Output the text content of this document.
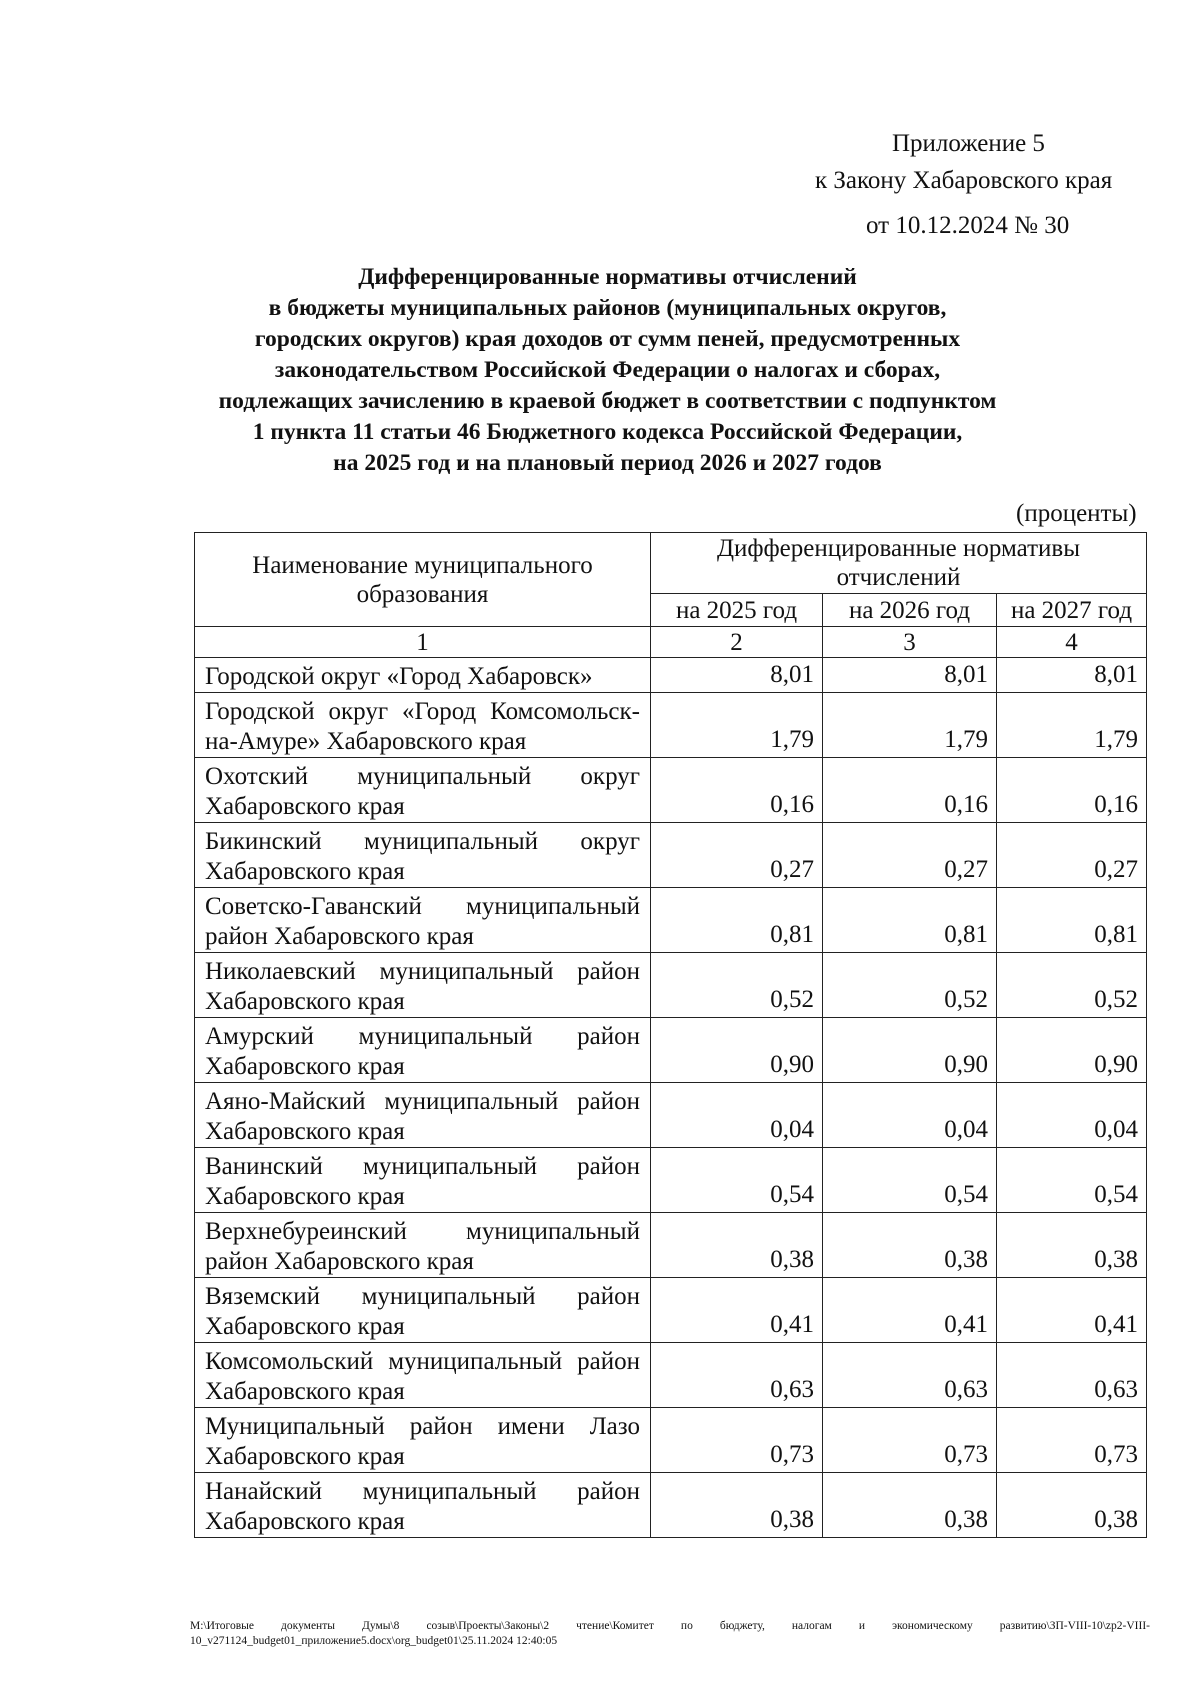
Приложение 5
к Закону Хабаровского края
от 10.12.2024 № 30
Дифференцированные нормативы отчислений
в бюджеты муниципальных районов (муниципальных округов,
городских округов) края доходов от сумм пеней, предусмотренных
законодательством Российской Федерации о налогах и сборах,
подлежащих зачислению в краевой бюджет в соответствии с подпунктом
1 пункта 11 статьи 46 Бюджетного кодекса Российской Федерации,
на 2025 год и на плановый период 2026 и 2027 годов
(проценты)
Наименование муниципального образования	Дифференцированные нормативы отчислений		
	на 2025 год	на 2026 год	на 2027 год
1	2	3	4
Городской округ «Город Хабаровск»	8,01	8,01	8,01
Городской округ «Город Комсомольск-на-Амуре» Хабаровского края	1,79	1,79	1,79
Охотский муниципальный округ Хабаровского края	0,16	0,16	0,16
Бикинский муниципальный округ Хабаровского края	0,27	0,27	0,27
Советско-Гаванский муниципальный район Хабаровского края	0,81	0,81	0,81
Николаевский муниципальный район Хабаровского края	0,52	0,52	0,52
Амурский муниципальный район Хабаровского края	0,90	0,90	0,90
Аяно-Майский муниципальный район Хабаровского края	0,04	0,04	0,04
Ванинский муниципальный район Хабаровского края	0,54	0,54	0,54
Верхнебуреинский муниципальный район Хабаровского края	0,38	0,38	0,38
Вяземский муниципальный район Хабаровского края	0,41	0,41	0,41
Комсомольский муниципальный район Хабаровского края	0,63	0,63	0,63
Муниципальный район имени Лазо Хабаровского края	0,73	0,73	0,73
Нанайский муниципальный район Хабаровского края	0,38	0,38	0,38
M:\Итоговые документы Думы\8 созыв\Проекты\Законы\2 чтение\Комитет по бюджету, налогам и экономическому развитию\ЗП-VIII-10\zp2-VIII-10_v271124_budget01_приложение5.docx\org_budget01\25.11.2024 12:40:05
